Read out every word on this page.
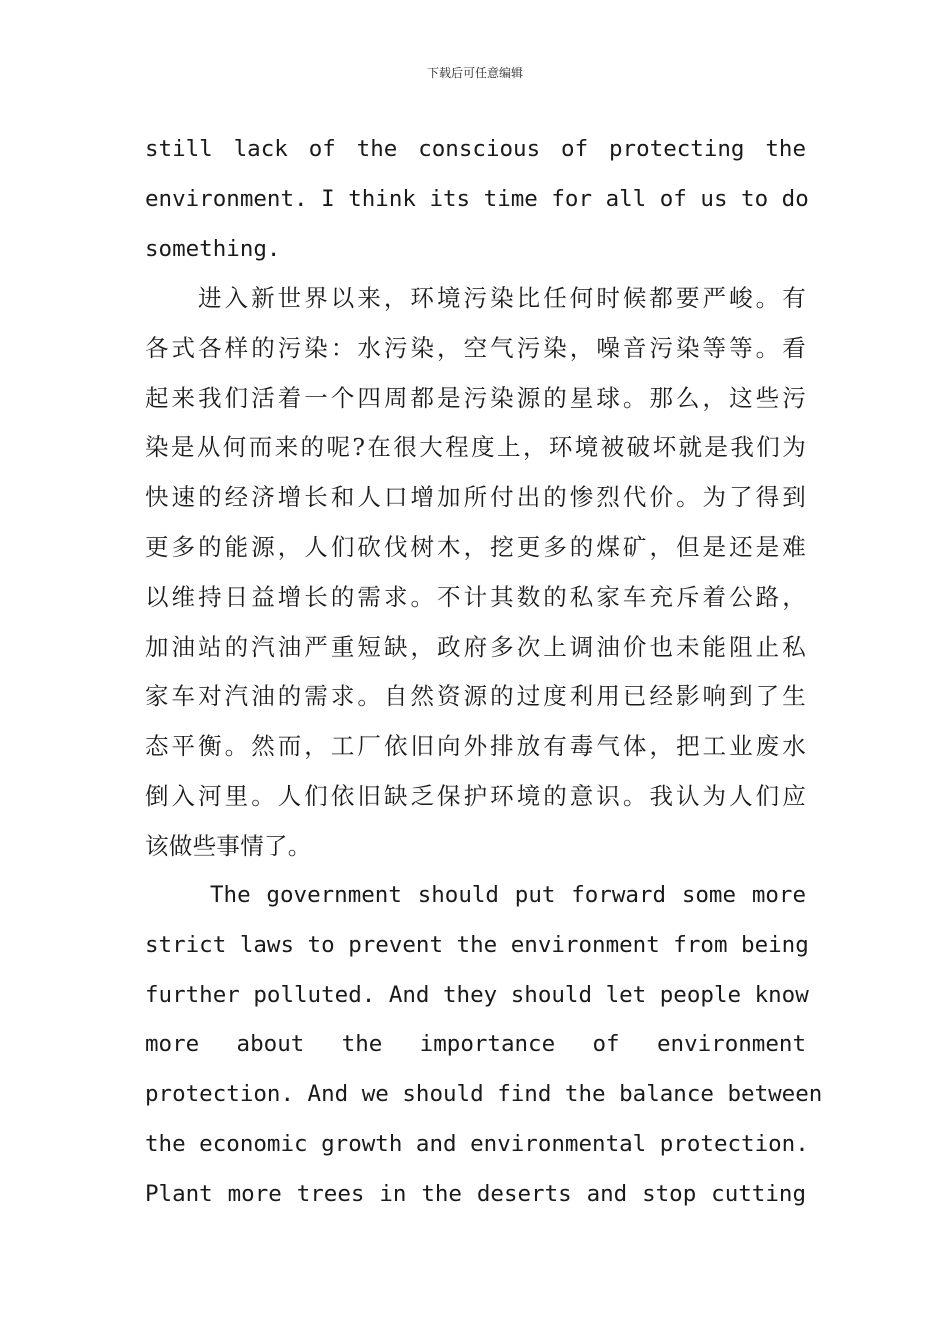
下载后可任意编辑
still lack of the conscious of protecting the
environment. I think its time for all of us to do
something.
进入新世界以来，环境污染比任何时候都要严峻。有
各式各样的污染：水污染，空气污染，噪音污染等等。看
起来我们活着一个四周都是污染源的星球。那么，这些污
染是从何而来的呢?在很大程度上，环境被破坏就是我们为
快速的经济增长和人口增加所付出的惨烈代价。为了得到
更多的能源，人们砍伐树木，挖更多的煤矿，但是还是难
以维持日益增长的需求。不计其数的私家车充斥着公路，
加油站的汽油严重短缺，政府多次上调油价也未能阻止私
家车对汽油的需求。自然资源的过度利用已经影响到了生
态平衡。然而，工厂依旧向外排放有毒气体，把工业废水
倒入河里。人们依旧缺乏保护环境的意识。我认为人们应
该做些事情了。
The government should put forward some more
strict laws to prevent the environment from being
further polluted. And they should let people know
more about the importance of environment
protection. And we should find the balance between
the economic growth and environmental protection.
Plant more trees in the deserts and stop cutting
